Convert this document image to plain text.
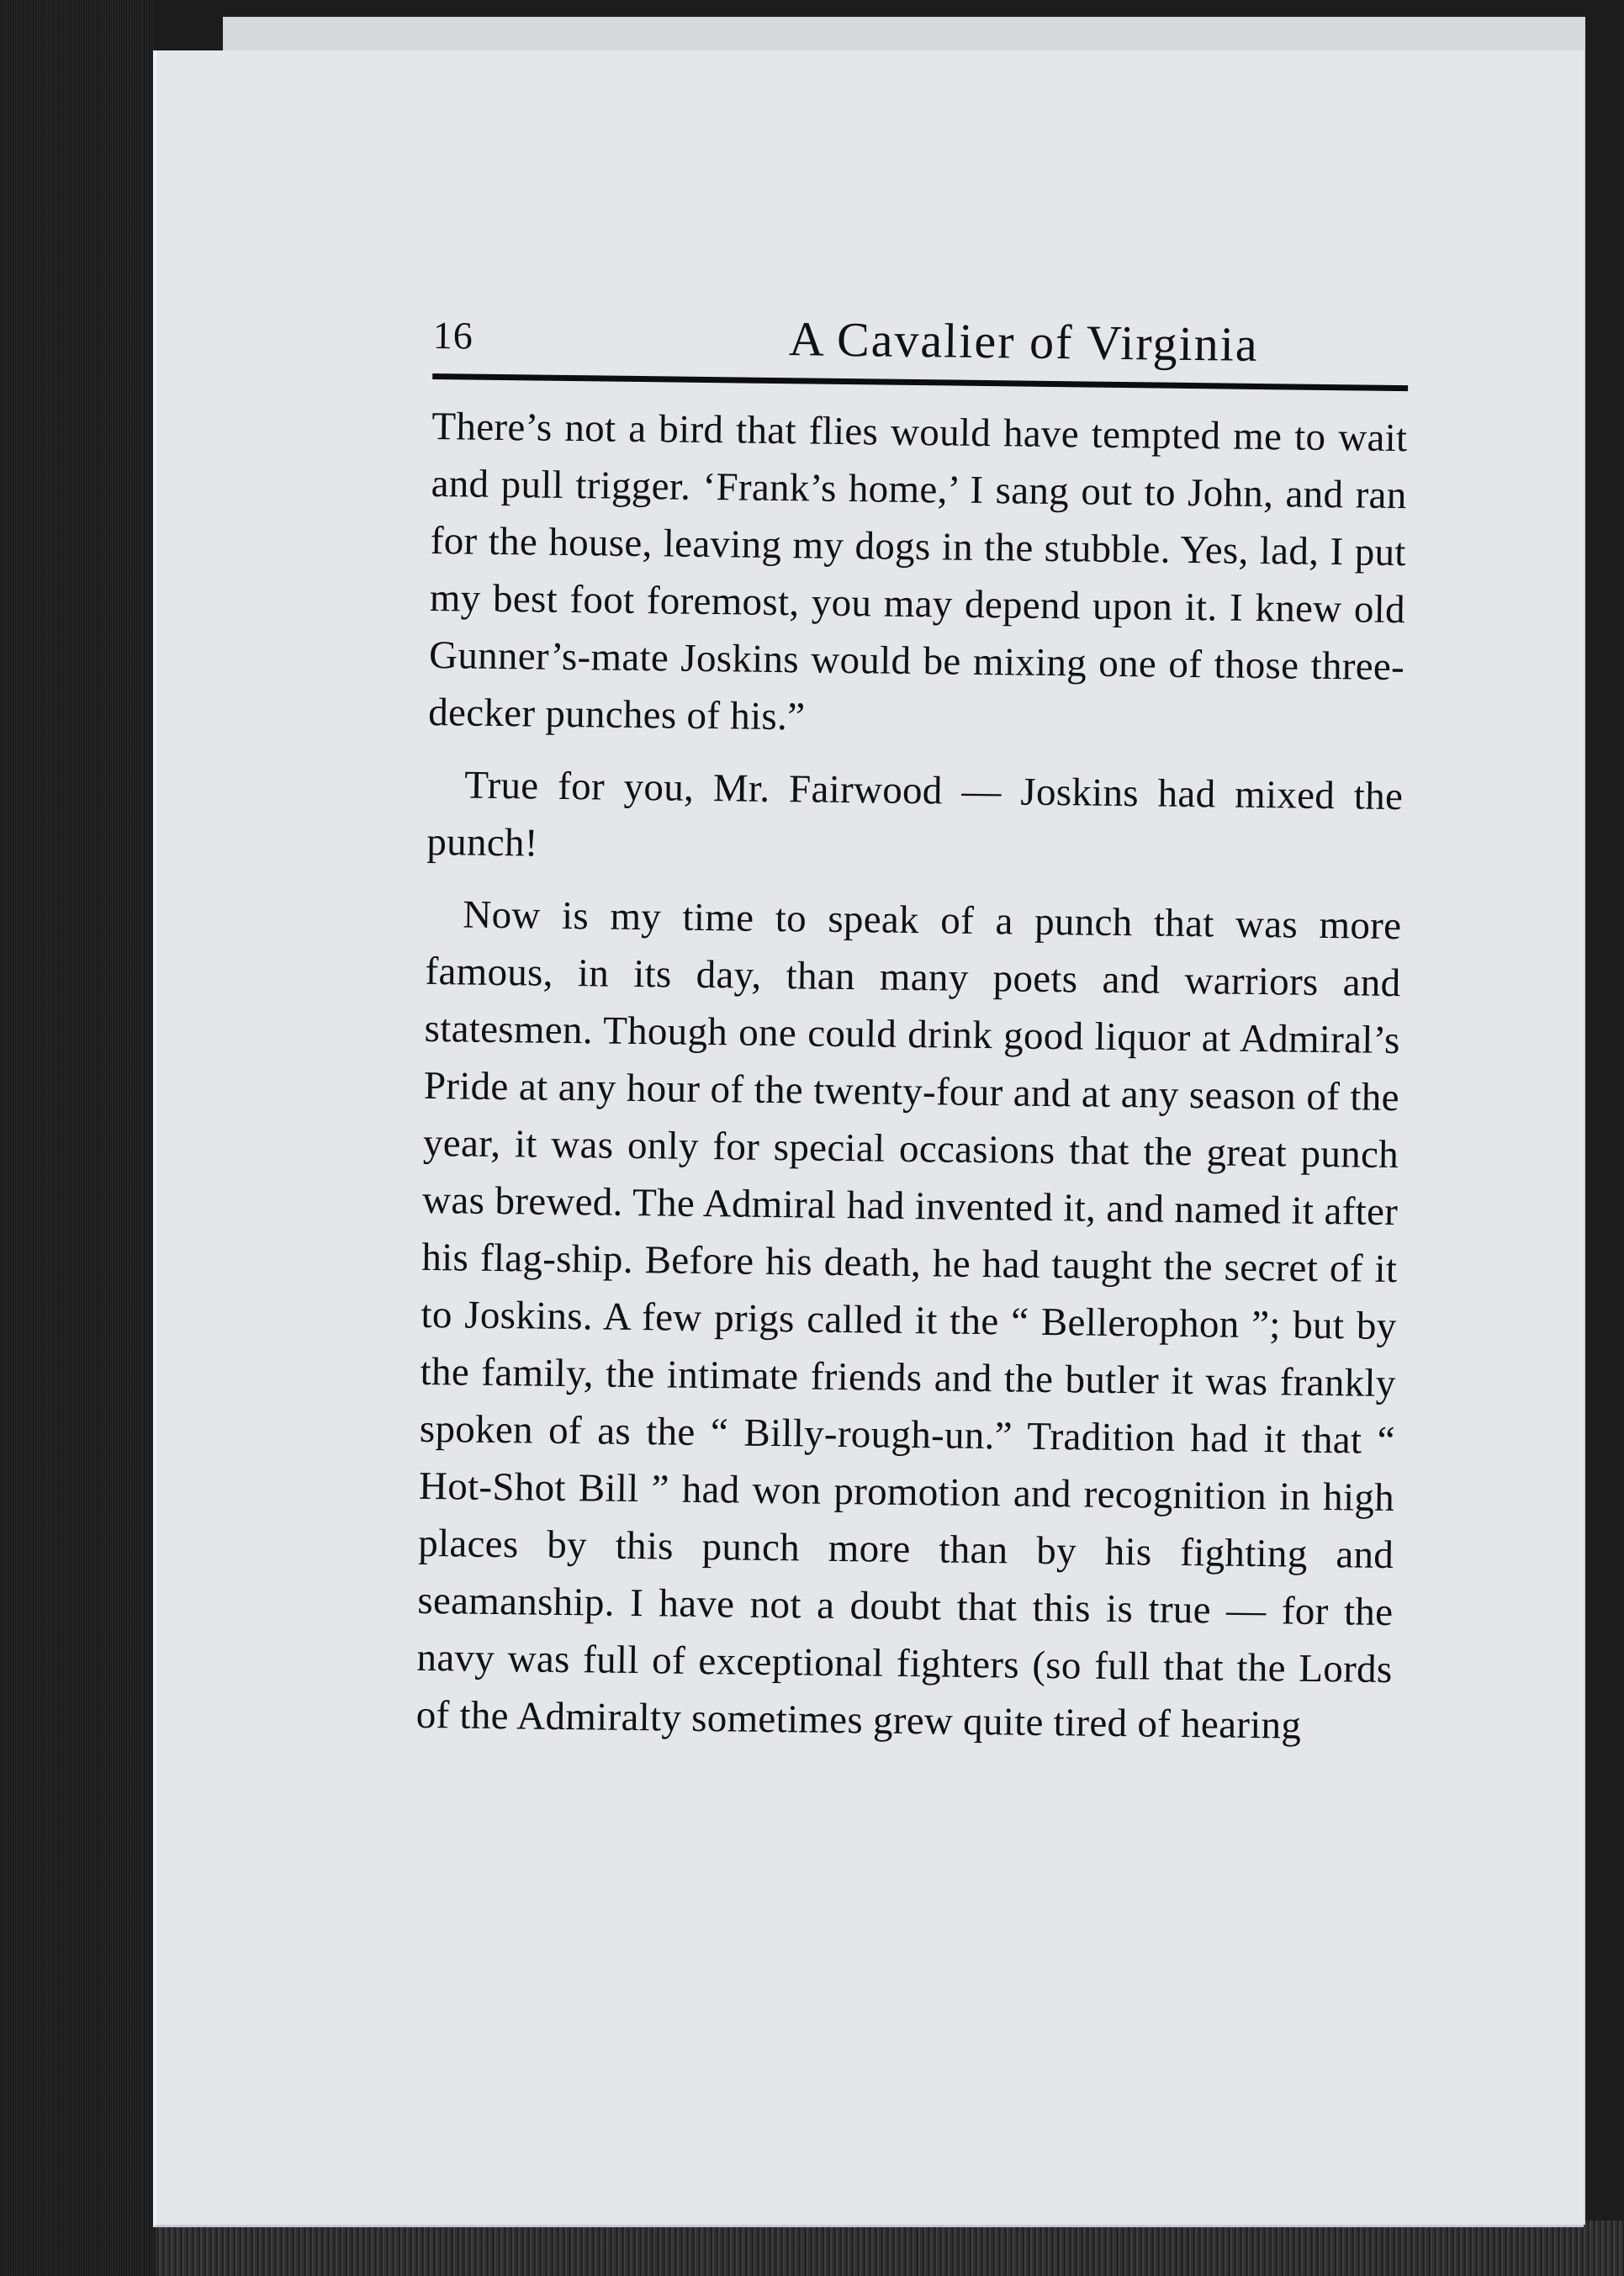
16	A Cavalier of Virginia

There’s not a bird that flies would have tempted me to wait and pull trigger. ‘Frank’s home,’ I sang out to John, and ran for the house, leaving my dogs in the stubble. Yes, lad, I put my best foot foremost, you may depend upon it. I knew old Gunner’s-mate Joskins would be mixing one of those three-decker punches of his.”

True for you, Mr. Fairwood — Joskins had mixed the punch!

Now is my time to speak of a punch that was more famous, in its day, than many poets and warriors and statesmen. Though one could drink good liquor at Admiral’s Pride at any hour of the twenty-four and at any season of the year, it was only for special occasions that the great punch was brewed. The Admiral had invented it, and named it after his flag-ship. Before his death, he had taught the secret of it to Joskins. A few prigs called it the “ Bellerophon ”; but by the family, the intimate friends and the butler it was frankly spoken of as the “ Billy-rough-un.” Tradition had it that “ Hot-Shot Bill ” had won promotion and recognition in high places by this punch more than by his fighting and seamanship. I have not a doubt that this is true — for the navy was full of exceptional fighters (so full that the Lords of the Admiralty sometimes grew quite tired of hearing
